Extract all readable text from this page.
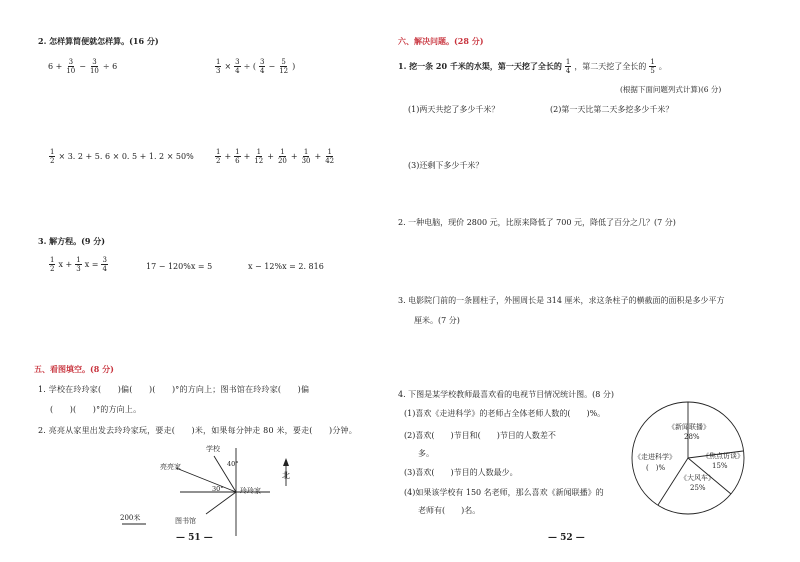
2. 怎样算简便就怎样算。(16 分)
$6 + \frac{3}{10} - \frac{3}{10} \div 6$	$\frac{1}{3} \times \frac{3}{4}$ ÷ ( $\frac{3}{4} - \frac{5}{12}$ )
$\frac{1}{2} \times 3$. 2 + 5. 6 × 0. 5 + 1. 2 × 50%	$\frac{1}{2} + \frac{1}{6} + \frac{1}{12} + \frac{1}{20} + \frac{1}{30} + \frac{1}{42}$
3. 解方程。(9 分)
$\frac{1}{2}$ $x + \frac{1}{3}$ $x = \frac{3}{4}$	17 − 120%x = 5	x − 12%x = 2. 816
五、看图填空。(8 分)
1. 学校在玲玲家(　　)偏(　　)(　　)°的方向上；图书馆在玲玲家(　　)偏
(　　)(　　)°的方向上。
2. 亮亮从家里出发去玲玲家玩，要走(　　)米，如果每分钟走 80 米，要走(　　)分钟。
学校
亮亮家	40°
30° 玲玲家
图书馆
北
200米
— 51 —
六、解决问题。(28 分)
1. 挖一条 20 千米的水渠，第一天挖了全长的 $\frac{1}{4}$ ，第二天挖了全长的 $\frac{1}{5}$ 。
(根据下面问题列式计算)(6 分)
(1)两天共挖了多少千米？	(2)第一天比第二天多挖多少千米？
(3)还剩下多少千米？
2. 一种电脑，现价 2800 元，比原来降低了 700 元，降低了百分之几？(7 分)
3. 电影院门前的一条圆柱子，外围周长是 314 厘米，求这条柱子的横截面的面积是多少平方
厘米。(7 分)
4. 下图是某学校教师最喜欢看的电视节目情况统计图。(8 分)
(1)喜欢《走进科学》的老师占全体老师人数的(　　)%。
(2)喜欢(　　)节目和(　　)节目的人数差不
多。
(3)喜欢(　　)节目的人数最少。
(4)如果该学校有 150 名老师，那么喜欢《新闻联播》的
老师有(　　)名。
《新闻联播》
28%
《走进科学》
(　)%
《焦点访谈》
15%
《大风车》
25%
— 52 —
